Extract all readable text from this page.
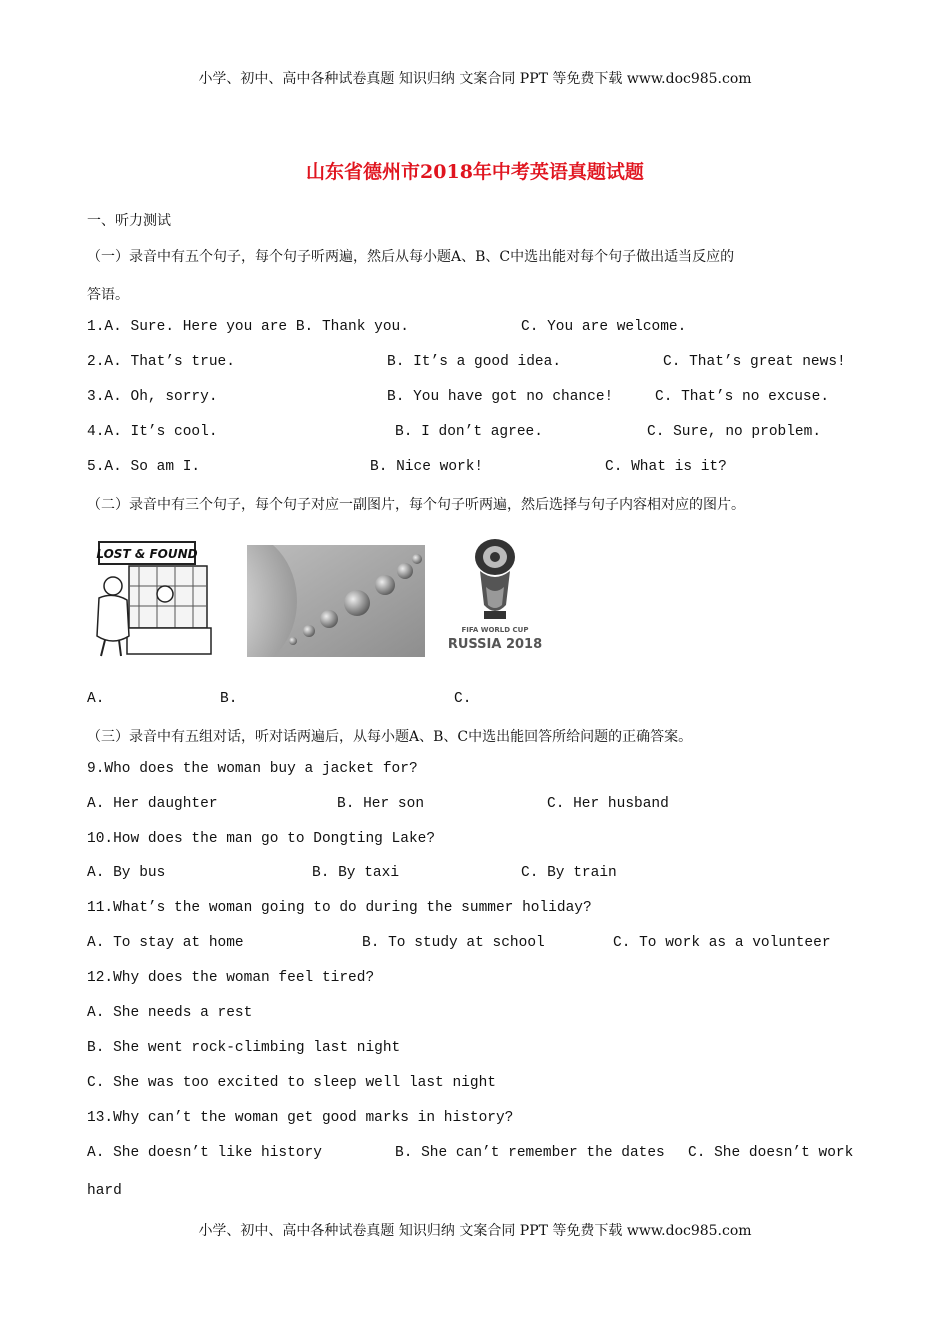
小学、初中、高中各种试卷真题 知识归纳 文案合同 PPT 等免费下载 www.doc985.com
山东省德州市2018年中考英语真题试题
一、听力测试
（一）录音中有五个句子，每个句子听两遍，然后从每小题A、B、C中选出能对每个句子做出适当反应的
答语。
1.A. Sure. Here you are B. Thank you.	C. You are welcome.
2.A. That’s true.	B. It’s a good idea.	C. That’s great news!
3.A. Oh, sorry.	B. You have got no chance!	C. That’s no excuse.
4.A. It’s cool.	B. I don’t agree.	C. Sure, no problem.
5.A. So am I.	B. Nice work!	C. What is it?
（二）录音中有三个句子，每个句子对应一副图片，每个句子听两遍，然后选择与句子内容相对应的图片。
LOST & FOUND
FIFA WORLD CUP
RUSSIA 2018
A.	B.	C.
（三）录音中有五组对话，听对话两遍后，从每小题A、B、C中选出能回答所给问题的正确答案。
9.Who does the woman buy a jacket for?
A. Her daughter	B. Her son	C. Her husband
10.How does the man go to Dongting Lake?
A. By bus	B. By taxi	C. By train
11.What’s the woman going to do during the summer holiday?
A. To stay at home	B. To study at school	C. To work as a volunteer
12.Why does the woman feel tired?
A. She needs a rest
B. She went rock-climbing last night
C. She was too excited to sleep well last night
13.Why can’t the woman get good marks in history?
A. She doesn’t like history	B. She can’t remember the dates C. She doesn’t work
hard
小学、初中、高中各种试卷真题 知识归纳 文案合同 PPT 等免费下载 www.doc985.com
